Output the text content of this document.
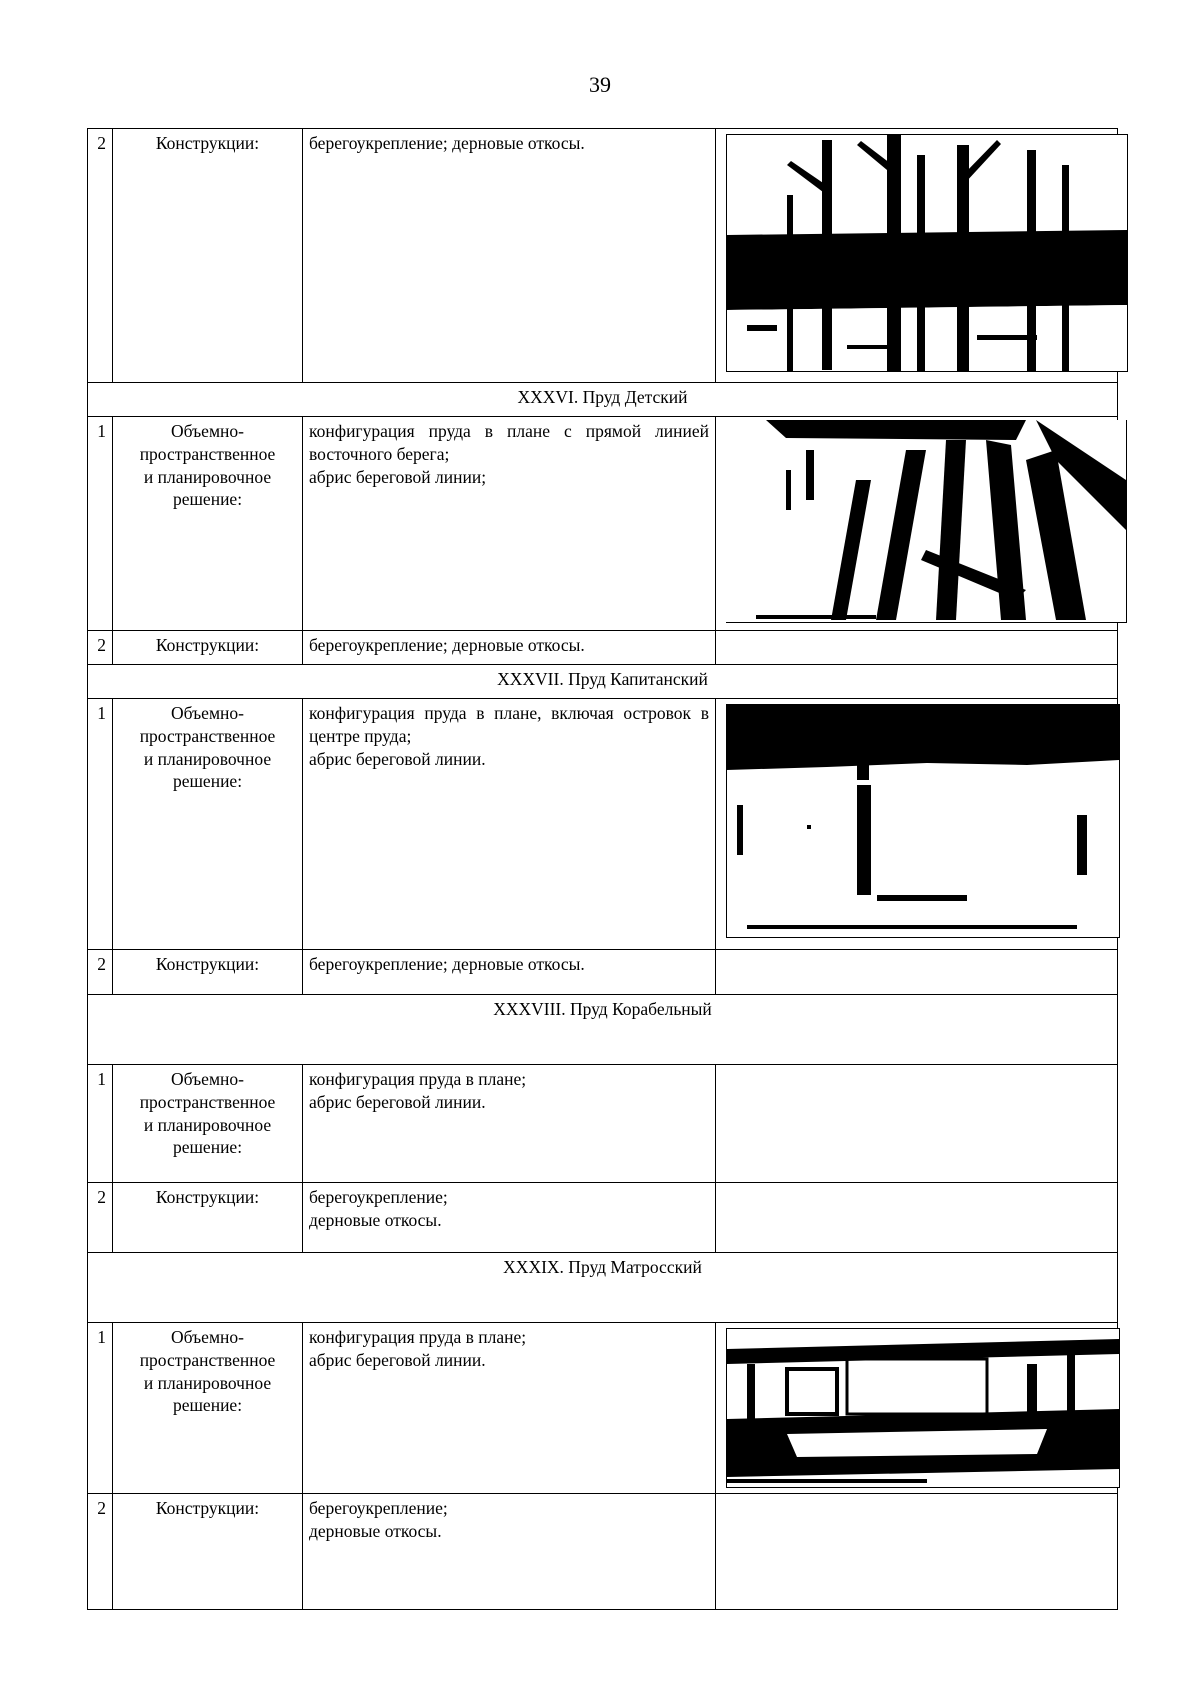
39
2	Конструкции:	берегоукрепление; дерновые откосы.	

XXXVI. Пруд Детский			
1	Объемно-
пространственное
и планировочное
решение:	конфигурация пруда в плане с прямой линией восточного берега;
абрис береговой линии;

2	Конструкции:	берегоукрепление; дерновые откосы.	
XXXVII. Пруд Капитанский			
1	Объемно-
пространственное
и планировочное
решение:	конфигурация пруда в плане, включая островок в центре пруда;
абрис береговой линии.

2	Конструкции:	берегоукрепление; дерновые откосы.	
XXXVIII. Пруд Корабельный			
1	Объемно-
пространственное
и планировочное
решение:	конфигурация пруда в плане;
абрис береговой линии.	
2	Конструкции:	берегоукрепление;
дерновые откосы.	
XXXIX. Пруд Матросский			
1	Объемно-
пространственное
и планировочное
решение:	конфигурация пруда в плане;
абрис береговой линии.	

2	Конструкции:	берегоукрепление;
дерновые откосы.	
